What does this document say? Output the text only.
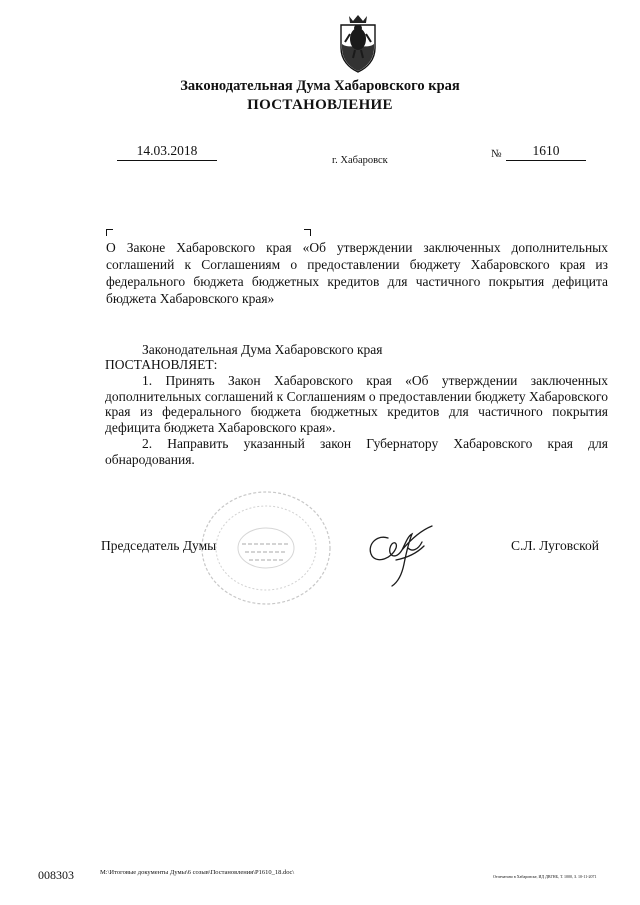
Законодательная Дума Хабаровского края
ПОСТАНОВЛЕНИЕ
14.03.2018
г. Хабаровск
№	1610
О Законе Хабаровского края «Об утверждении заключенных дополнительных соглашений к Соглашениям о предоставлении бюджету Хабаровского края из федерального бюджета бюджетных кредитов для частичного покрытия дефицита бюджета Хабаровского края»
Законодательная Дума Хабаровского края
ПОСТАНОВЛЯЕТ:

1. Принять Закон Хабаровского края «Об утверждении заключенных дополнительных соглашений к Соглашениям о предоставлении бюджету Хабаровского края из федерального бюджета бюджетных кредитов для частичного покрытия дефицита бюджета Хабаровского края».

2. Направить указанный закон Губернатору Хабаровского края для обнародования.

Председатель Думы	С.Л. Луговской
008303	M:\Итоговые документы Думы\6 созыв\Постановления\P1610_18.doc\
Отпечатано в Хабаровске, ИД ДВГНБ, Т. 1000, З. 10-11-2071
